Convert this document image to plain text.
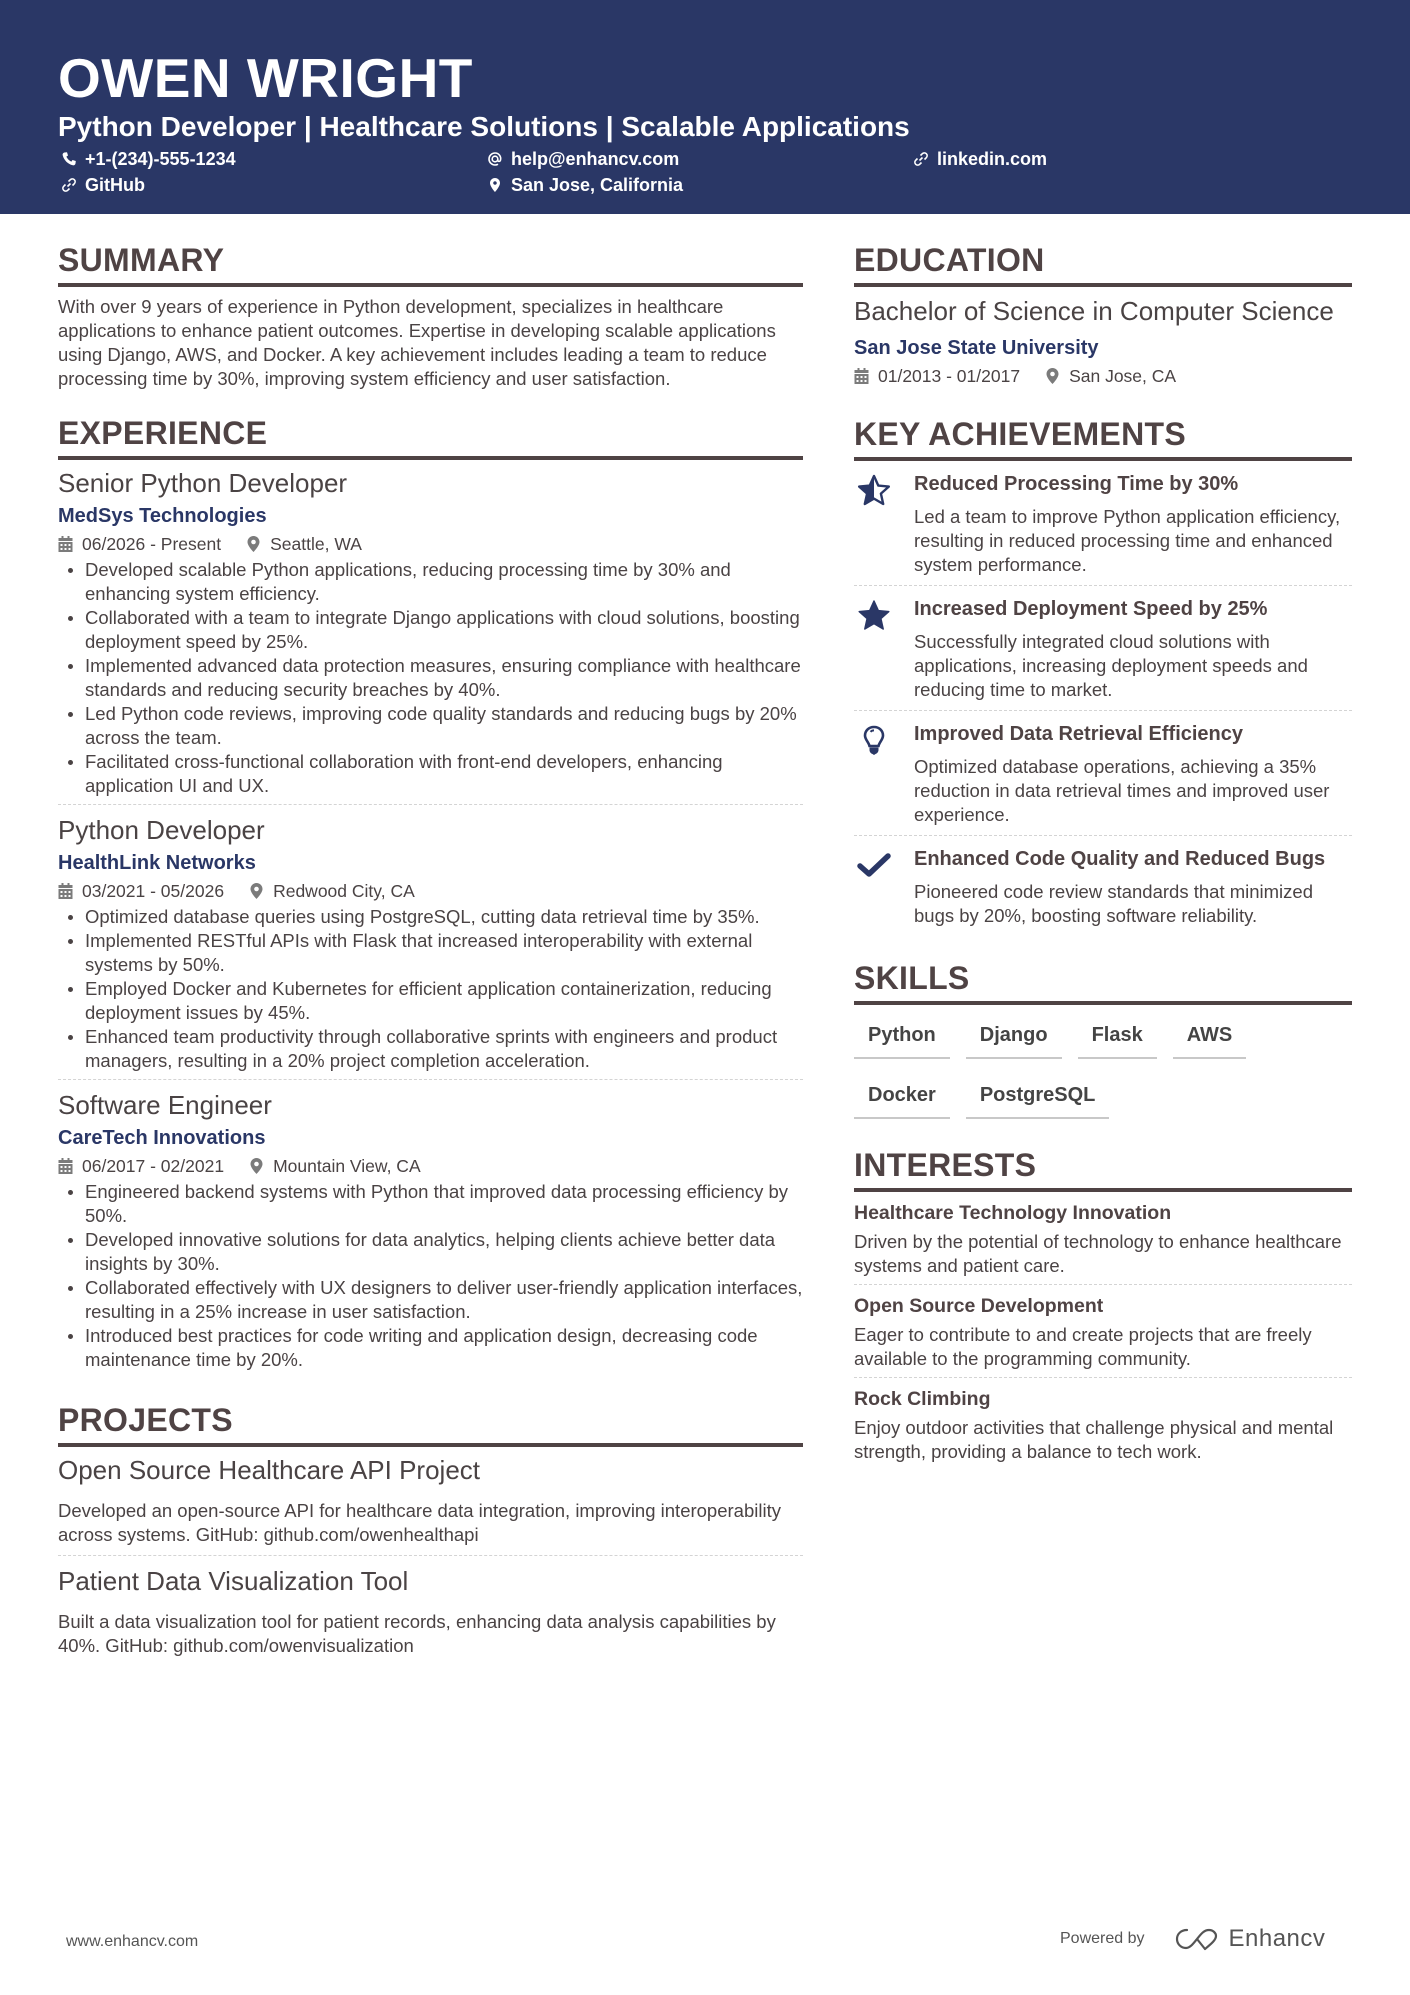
OWEN WRIGHT
Python Developer | Healthcare Solutions | Scalable Applications
+1-(234)-555-1234	help@enhancv.com	linkedin.com
GitHub	San Jose, California
SUMMARY

With over 9 years of experience in Python development, specializes in healthcare applications to enhance patient outcomes. Expertise in developing scalable applications using Django, AWS, and Docker. A key achievement includes leading a team to reduce processing time by 30%, improving system efficiency and user satisfaction.

EXPERIENCE
Senior Python Developer
MedSys Technologies
06/2026 - Present	Seattle, WA
Developed scalable Python applications, reducing processing time by 30% and enhancing system efficiency.
Collaborated with a team to integrate Django applications with cloud solutions, boosting deployment speed by 25%.
Implemented advanced data protection measures, ensuring compliance with healthcare standards and reducing security breaches by 40%.
Led Python code reviews, improving code quality standards and reducing bugs by 20% across the team.
Facilitated cross-functional collaboration with front-end developers, enhancing application UI and UX.
Python Developer
HealthLink Networks
03/2021 - 05/2026	Redwood City, CA
Optimized database queries using PostgreSQL, cutting data retrieval time by 35%.
Implemented RESTful APIs with Flask that increased interoperability with external systems by 50%.
Employed Docker and Kubernetes for efficient application containerization, reducing deployment issues by 45%.
Enhanced team productivity through collaborative sprints with engineers and product managers, resulting in a 20% project completion acceleration.
Software Engineer
CareTech Innovations
06/2017 - 02/2021	Mountain View, CA
Engineered backend systems with Python that improved data processing efficiency by 50%.
Developed innovative solutions for data analytics, helping clients achieve better data insights by 30%.
Collaborated effectively with UX designers to deliver user-friendly application interfaces, resulting in a 25% increase in user satisfaction.
Introduced best practices for code writing and application design, decreasing code maintenance time by 20%.
PROJECTS
Open Source Healthcare API Project
Developed an open-source API for healthcare data integration, improving interoperability across systems. GitHub: github.com/owenhealthapi
Patient Data Visualization Tool
Built a data visualization tool for patient records, enhancing data analysis capabilities by 40%. GitHub: github.com/owenvisualization
EDUCATION
Bachelor of Science in Computer Science
San Jose State University
01/2013 - 01/2017	San Jose, CA
KEY ACHIEVEMENTS
Reduced Processing Time by 30%
Led a team to improve Python application efficiency, resulting in reduced processing time and enhanced system performance.
Increased Deployment Speed by 25%
Successfully integrated cloud solutions with applications, increasing deployment speeds and reducing time to market.
Improved Data Retrieval Efficiency
Optimized database operations, achieving a 35% reduction in data retrieval times and improved user experience.
Enhanced Code Quality and Reduced Bugs
Pioneered code review standards that minimized bugs by 20%, boosting software reliability.
SKILLS
Python	Django	Flask	AWS
Docker	PostgreSQL
INTERESTS
Healthcare Technology Innovation
Driven by the potential of technology to enhance healthcare systems and patient care.
Open Source Development
Eager to contribute to and create projects that are freely available to the programming community.
Rock Climbing
Enjoy outdoor activities that challenge physical and mental strength, providing a balance to tech work.
www.enhancv.com	Powered by	Enhancv
